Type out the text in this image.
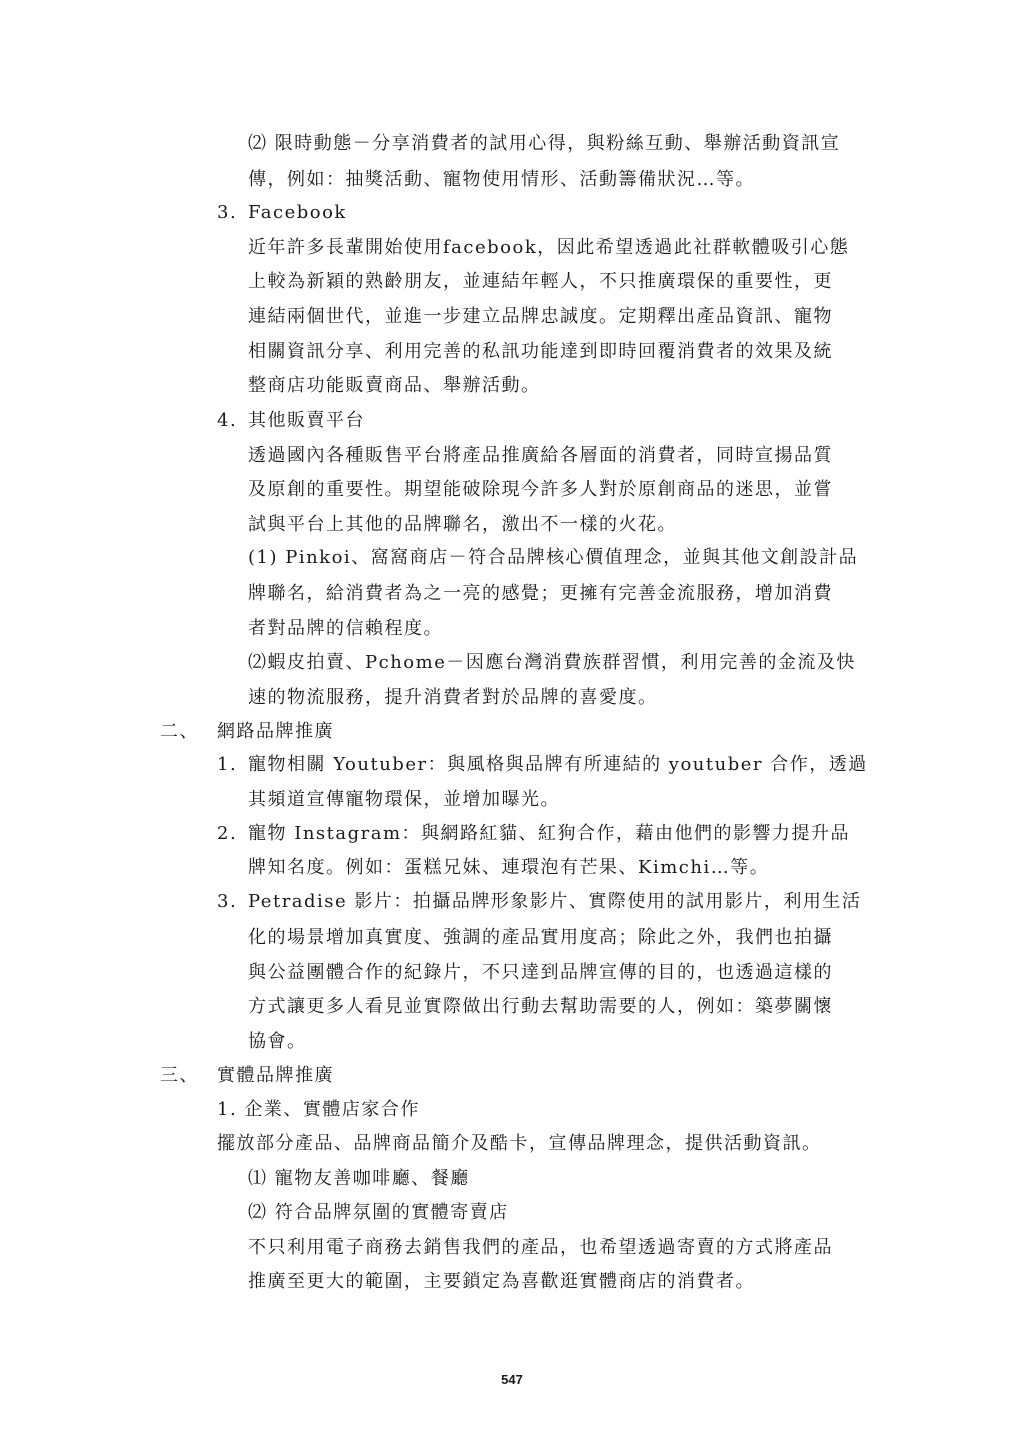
⑵ 限時動態－分享消費者的試用心得，與粉絲互動、舉辦活動資訊宣
傳，例如：抽獎活動、寵物使用情形、活動籌備狀況…等。
3. Facebook
近年許多長輩開始使用facebook，因此希望透過此社群軟體吸引心態
上較為新穎的熟齡朋友，並連結年輕人，不只推廣環保的重要性，更
連結兩個世代，並進一步建立品牌忠誠度。定期釋出產品資訊、寵物
相關資訊分享、利用完善的私訊功能達到即時回覆消費者的效果及統
整商店功能販賣商品、舉辦活動。
4. 其他販賣平台
透過國內各種販售平台將產品推廣給各層面的消費者，同時宣揚品質
及原創的重要性。期望能破除現今許多人對於原創商品的迷思，並嘗
試與平台上其他的品牌聯名，激出不一樣的火花。
(1) Pinkoi、窩窩商店－符合品牌核心價值理念，並與其他文創設計品
牌聯名，給消費者為之一亮的感覺；更擁有完善金流服務，增加消費
者對品牌的信賴程度。
⑵蝦皮拍賣、Pchome－因應台灣消費族群習慣，利用完善的金流及快
速的物流服務，提升消費者對於品牌的喜愛度。
二、 網路品牌推廣
1. 寵物相關 Youtuber：與風格與品牌有所連結的 youtuber 合作，透過
其頻道宣傳寵物環保，並增加曝光。
2. 寵物 Instagram：與網路紅貓、紅狗合作，藉由他們的影響力提升品
牌知名度。例如：蛋糕兄妹、連環泡有芒果、Kimchi…等。
3. Petradise 影片：拍攝品牌形象影片、實際使用的試用影片，利用生活
化的場景增加真實度、強調的產品實用度高；除此之外，我們也拍攝
與公益團體合作的紀錄片，不只達到品牌宣傳的目的，也透過這樣的
方式讓更多人看見並實際做出行動去幫助需要的人，例如：築夢關懷
協會。
三、 實體品牌推廣
1. 企業、實體店家合作
擺放部分產品、品牌商品簡介及酷卡，宣傳品牌理念，提供活動資訊。
⑴ 寵物友善咖啡廳、餐廳
⑵ 符合品牌氛圍的實體寄賣店
不只利用電子商務去銷售我們的產品，也希望透過寄賣的方式將產品
推廣至更大的範圍，主要鎖定為喜歡逛實體商店的消費者。
547
